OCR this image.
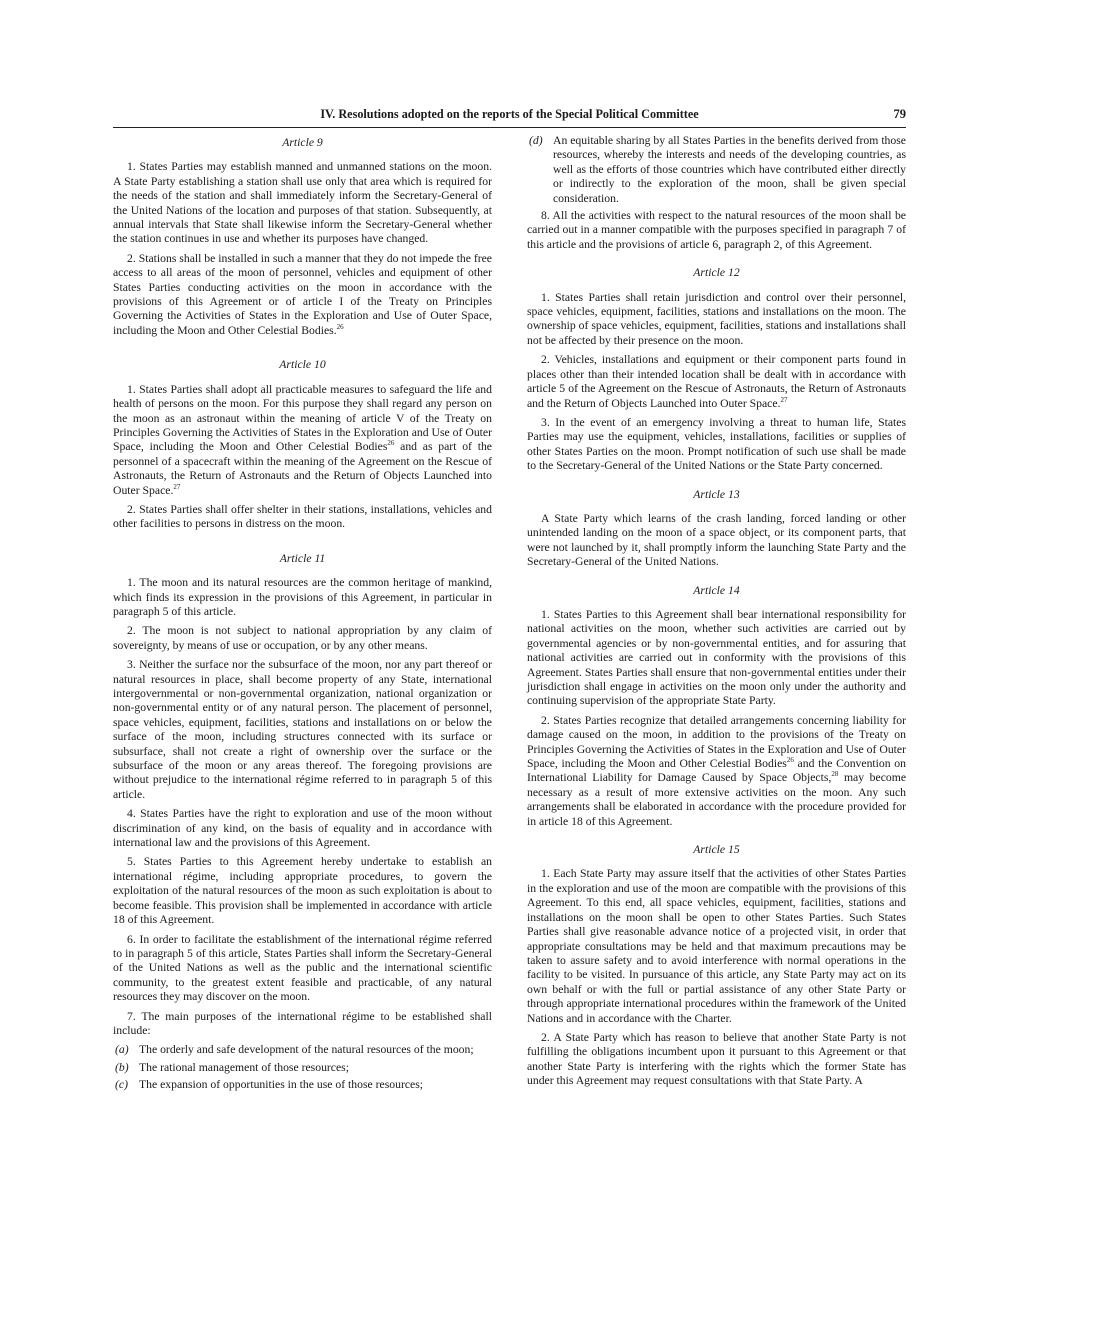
IV. Resolutions adopted on the reports of the Special Political Committee	79
Article 9

1. States Parties may establish manned and unmanned stations on the moon. A State Party establishing a station shall use only that area which is required for the needs of the station and shall immediately inform the Secretary-General of the United Nations of the location and purposes of that station. Subsequently, at annual intervals that State shall likewise inform the Secretary-General whether the station continues in use and whether its purposes have changed.

2. Stations shall be installed in such a manner that they do not impede the free access to all areas of the moon of personnel, vehicles and equipment of other States Parties conducting activities on the moon in accordance with the provisions of this Agreement or of article I of the Treaty on Principles Governing the Activities of States in the Exploration and Use of Outer Space, including the Moon and Other Celestial Bodies.$^{26}$

Article 10

1. States Parties shall adopt all practicable measures to safeguard the life and health of persons on the moon. For this purpose they shall regard any person on the moon as an astronaut within the meaning of article V of the Treaty on Principles Governing the Activities of States in the Exploration and Use of Outer Space, including the Moon and Other Celestial Bodies$^{26}$ and as part of the personnel of a spacecraft within the meaning of the Agreement on the Rescue of Astronauts, the Return of Astronauts and the Return of Objects Launched into Outer Space.$^{27}$

2. States Parties shall offer shelter in their stations, installations, vehicles and other facilities to persons in distress on the moon.

Article 11

1. The moon and its natural resources are the common heritage of mankind, which finds its expression in the provisions of this Agreement, in particular in paragraph 5 of this article.

2. The moon is not subject to national appropriation by any claim of sovereignty, by means of use or occupation, or by any other means.

3. Neither the surface nor the subsurface of the moon, nor any part thereof or natural resources in place, shall become property of any State, international intergovernmental or non-governmental organization, national organization or non-governmental entity or of any natural person. The placement of personnel, space vehicles, equipment, facilities, stations and installations on or below the surface of the moon, including structures connected with its surface or subsurface, shall not create a right of ownership over the surface or the subsurface of the moon or any areas thereof. The foregoing provisions are without prejudice to the international régime referred to in paragraph 5 of this article.

4. States Parties have the right to exploration and use of the moon without discrimination of any kind, on the basis of equality and in accordance with international law and the provisions of this Agreement.

5. States Parties to this Agreement hereby undertake to establish an international régime, including appropriate procedures, to govern the exploitation of the natural resources of the moon as such exploitation is about to become feasible. This provision shall be implemented in accordance with article 18 of this Agreement.

6. In order to facilitate the establishment of the international régime referred to in paragraph 5 of this article, States Parties shall inform the Secretary-General of the United Nations as well as the public and the international scientific community, to the greatest extent feasible and practicable, of any natural resources they may discover on the moon.

7. The main purposes of the international régime to be established shall include:

(a) The orderly and safe development of the natural resources of the moon;
(b) The rational management of those resources;
(c) The expansion of opportunities in the use of those resources;
(d) An equitable sharing by all States Parties in the benefits derived from those resources, whereby the interests and needs of the developing countries, as well as the efforts of those countries which have contributed either directly or indirectly to the exploration of the moon, shall be given special consideration.

8. All the activities with respect to the natural resources of the moon shall be carried out in a manner compatible with the purposes specified in paragraph 7 of this article and the provisions of article 6, paragraph 2, of this Agreement.

Article 12

1. States Parties shall retain jurisdiction and control over their personnel, space vehicles, equipment, facilities, stations and installations on the moon. The ownership of space vehicles, equipment, facilities, stations and installations shall not be affected by their presence on the moon.

2. Vehicles, installations and equipment or their component parts found in places other than their intended location shall be dealt with in accordance with article 5 of the Agreement on the Rescue of Astronauts, the Return of Astronauts and the Return of Objects Launched into Outer Space.$^{27}$

3. In the event of an emergency involving a threat to human life, States Parties may use the equipment, vehicles, installations, facilities or supplies of other States Parties on the moon. Prompt notification of such use shall be made to the Secretary-General of the United Nations or the State Party concerned.

Article 13

A State Party which learns of the crash landing, forced landing or other unintended landing on the moon of a space object, or its component parts, that were not launched by it, shall promptly inform the launching State Party and the Secretary-General of the United Nations.

Article 14

1. States Parties to this Agreement shall bear international responsibility for national activities on the moon, whether such activities are carried out by governmental agencies or by non-governmental entities, and for assuring that national activities are carried out in conformity with the provisions of this Agreement. States Parties shall ensure that non-governmental entities under their jurisdiction shall engage in activities on the moon only under the authority and continuing supervision of the appropriate State Party.

2. States Parties recognize that detailed arrangements concerning liability for damage caused on the moon, in addition to the provisions of the Treaty on Principles Governing the Activities of States in the Exploration and Use of Outer Space, including the Moon and Other Celestial Bodies$^{26}$ and the Convention on International Liability for Damage Caused by Space Objects,$^{28}$ may become necessary as a result of more extensive activities on the moon. Any such arrangements shall be elaborated in accordance with the procedure provided for in article 18 of this Agreement.

Article 15

1. Each State Party may assure itself that the activities of other States Parties in the exploration and use of the moon are compatible with the provisions of this Agreement. To this end, all space vehicles, equipment, facilities, stations and installations on the moon shall be open to other States Parties. Such States Parties shall give reasonable advance notice of a projected visit, in order that appropriate consultations may be held and that maximum precautions may be taken to assure safety and to avoid interference with normal operations in the facility to be visited. In pursuance of this article, any State Party may act on its own behalf or with the full or partial assistance of any other State Party or through appropriate international procedures within the framework of the United Nations and in accordance with the Charter.

2. A State Party which has reason to believe that another State Party is not fulfilling the obligations incumbent upon it pursuant to this Agreement or that another State Party is interfering with the rights which the former State has under this Agreement may request consultations with that State Party. A
